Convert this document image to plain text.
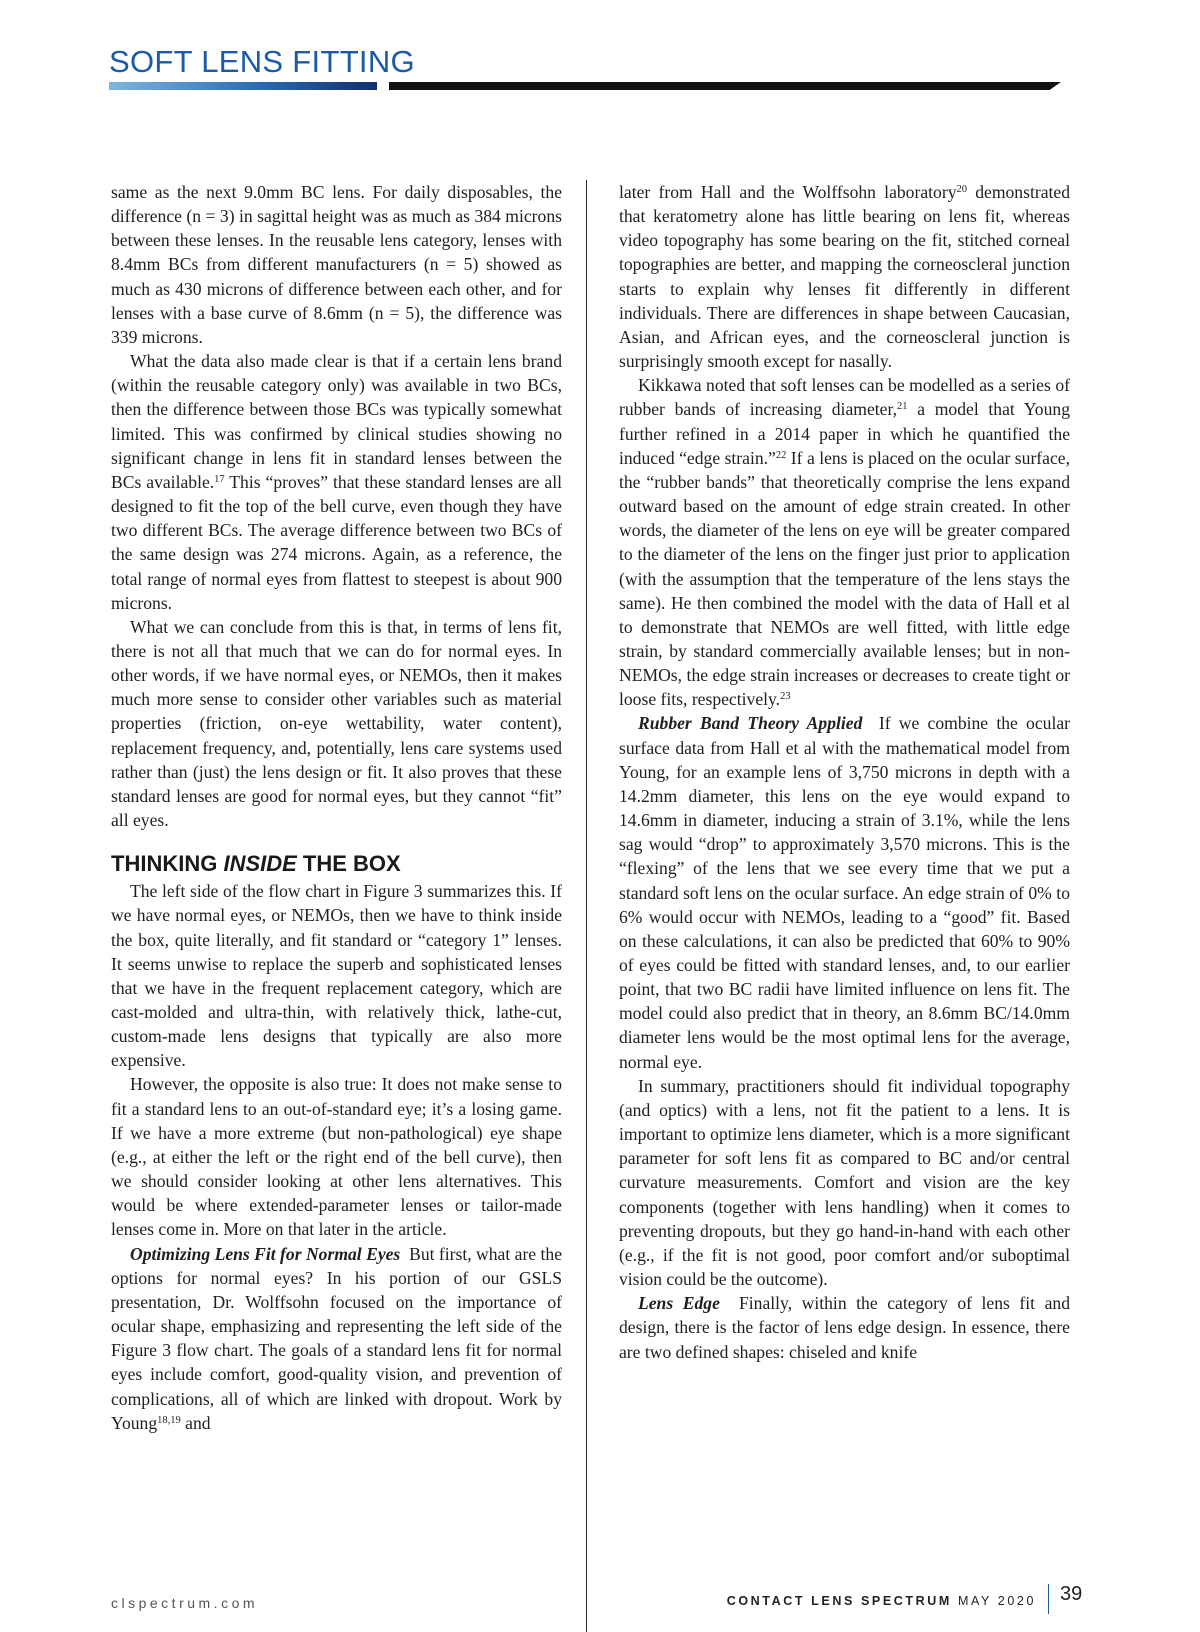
SOFT LENS FITTING

same as the next 9.0mm BC lens. For daily disposables, the difference (n = 3) in sagittal height was as much as 384 microns between these lenses. In the reusable lens category, lenses with 8.4mm BCs from different manufacturers (n = 5) showed as much as 430 microns of difference between each other, and for lenses with a base curve of 8.6mm (n = 5), the difference was 339 microns.

What the data also made clear is that if a certain lens brand (within the reusable category only) was available in two BCs, then the difference between those BCs was typically somewhat limited. This was confirmed by clinical studies showing no significant change in lens fit in standard lenses between the BCs available.$^{17}$ This “proves” that these standard lenses are all designed to fit the top of the bell curve, even though they have two different BCs. The average difference between two BCs of the same design was 274 microns. Again, as a reference, the total range of normal eyes from flattest to steepest is about 900 microns.

What we can conclude from this is that, in terms of lens fit, there is not all that much that we can do for normal eyes. In other words, if we have normal eyes, or NEMOs, then it makes much more sense to consider other variables such as material properties (friction, on-eye wettability, water content), replacement frequency, and, potentially, lens care systems used rather than (just) the lens design or fit. It also proves that these standard lenses are good for normal eyes, but they cannot “fit” all eyes.

THINKING INSIDE THE BOX

The left side of the flow chart in Figure 3 summarizes this. If we have normal eyes, or NEMOs, then we have to think inside the box, quite literally, and fit standard or “category 1” lenses. It seems unwise to replace the superb and sophisticated lenses that we have in the frequent replacement category, which are cast-molded and ultra-thin, with relatively thick, lathe-cut, custom-made lens designs that typically are also more expensive.

However, the opposite is also true: It does not make sense to fit a standard lens to an out-of-standard eye; it’s a losing game. If we have a more extreme (but non-pathological) eye shape (e.g., at either the left or the right end of the bell curve), then we should consider looking at other lens alternatives. This would be where extended-parameter lenses or tailor-made lenses come in. More on that later in the article.

Optimizing Lens Fit for Normal Eyes But first, what are the options for normal eyes? In his portion of our GSLS presentation, Dr. Wolffsohn focused on the importance of ocular shape, emphasizing and representing the left side of the Figure 3 flow chart. The goals of a standard lens fit for normal eyes include comfort, good-quality vision, and prevention of complications, all of which are linked with dropout. Work by Young$^{18,19}$ and

later from Hall and the Wolffsohn laboratory$^{20}$ demonstrated that keratometry alone has little bearing on lens fit, whereas video topography has some bearing on the fit, stitched corneal topographies are better, and mapping the corneoscleral junction starts to explain why lenses fit differently in different individuals. There are differences in shape between Caucasian, Asian, and African eyes, and the corneoscleral junction is surprisingly smooth except for nasally.

Kikkawa noted that soft lenses can be modelled as a series of rubber bands of increasing diameter,$^{21}$ a model that Young further refined in a 2014 paper in which he quantified the induced “edge strain.”$^{22}$ If a lens is placed on the ocular surface, the “rubber bands” that theoretically comprise the lens expand outward based on the amount of edge strain created. In other words, the diameter of the lens on eye will be greater compared to the diameter of the lens on the finger just prior to application (with the assumption that the temperature of the lens stays the same). He then combined the model with the data of Hall et al to demonstrate that NEMOs are well fitted, with little edge strain, by standard commercially available lenses; but in non-NEMOs, the edge strain increases or decreases to create tight or loose fits, respectively.$^{23}$

Rubber Band Theory Applied If we combine the ocular surface data from Hall et al with the mathematical model from Young, for an example lens of 3,750 microns in depth with a 14.2mm diameter, this lens on the eye would expand to 14.6mm in diameter, inducing a strain of 3.1%, while the lens sag would “drop” to approximately 3,570 microns. This is the “flexing” of the lens that we see every time that we put a standard soft lens on the ocular surface. An edge strain of 0% to 6% would occur with NEMOs, leading to a “good” fit. Based on these calculations, it can also be predicted that 60% to 90% of eyes could be fitted with standard lenses, and, to our earlier point, that two BC radii have limited influence on lens fit. The model could also predict that in theory, an 8.6mm BC/14.0mm diameter lens would be the most optimal lens for the average, normal eye.

In summary, practitioners should fit individual topography (and optics) with a lens, not fit the patient to a lens. It is important to optimize lens diameter, which is a more significant parameter for soft lens fit as compared to BC and/or central curvature measurements. Comfort and vision are the key components (together with lens handling) when it comes to preventing dropouts, but they go hand-in-hand with each other (e.g., if the fit is not good, poor comfort and/or suboptimal vision could be the outcome).

Lens Edge Finally, within the category of lens fit and design, there is the factor of lens edge design. In essence, there are two defined shapes: chiseled and knife

clspectrum.com	CONTACT LENS SPECTRUM MAY 2020 39
